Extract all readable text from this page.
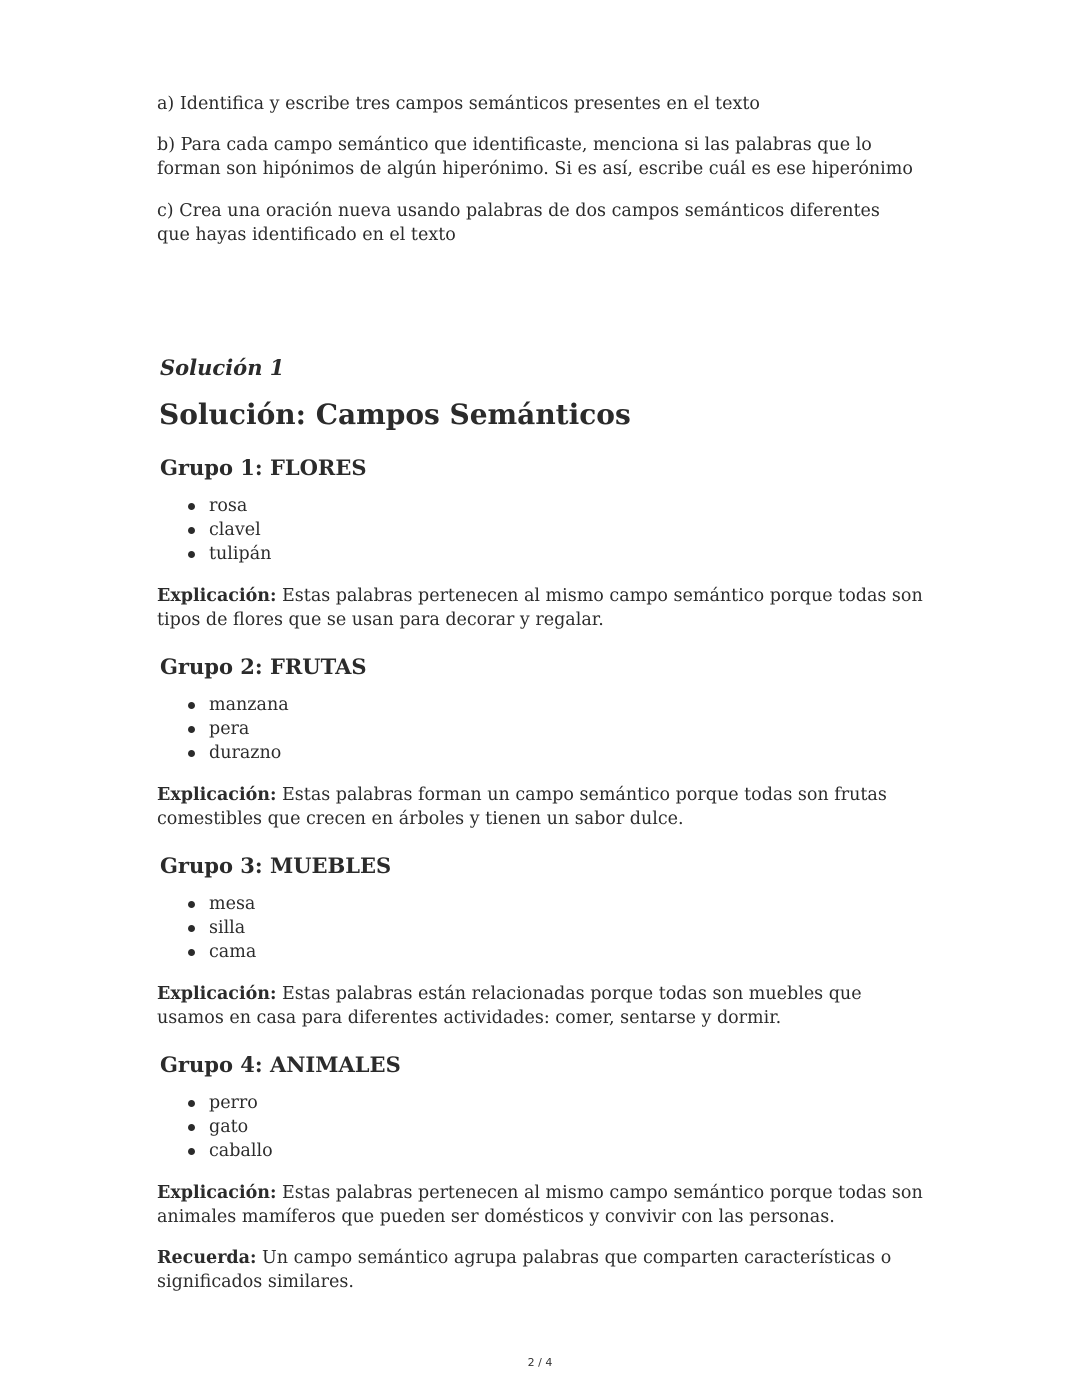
a) Identifica y escribe tres campos semánticos presentes en el texto

b) Para cada campo semántico que identificaste, menciona si las palabras que lo forman son hipónimos de algún hiperónimo. Si es así, escribe cuál es ese hiperónimo

c) Crea una oración nueva usando palabras de dos campos semánticos diferentes que hayas identificado en el texto

Solución 1
Solución: Campos Semánticos
Grupo 1: FLORES
rosa
clavel
tulipán

Explicación: Estas palabras pertenecen al mismo campo semántico porque todas son tipos de flores que se usan para decorar y regalar.

Grupo 2: FRUTAS
manzana
pera
durazno

Explicación: Estas palabras forman un campo semántico porque todas son frutas comestibles que crecen en árboles y tienen un sabor dulce.

Grupo 3: MUEBLES
mesa
silla
cama

Explicación: Estas palabras están relacionadas porque todas son muebles que usamos en casa para diferentes actividades: comer, sentarse y dormir.

Grupo 4: ANIMALES
perro
gato
caballo

Explicación: Estas palabras pertenecen al mismo campo semántico porque todas son animales mamíferos que pueden ser domésticos y convivir con las personas.

Recuerda: Un campo semántico agrupa palabras que comparten características o significados similares.

2 / 4
